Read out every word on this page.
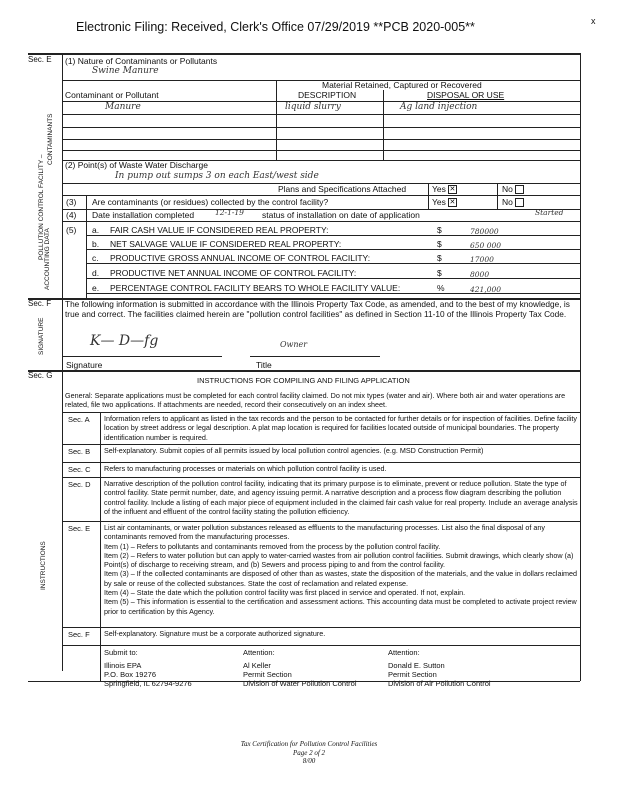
Electronic Filing: Received, Clerk's Office 07/29/2019 **PCB 2020-005**	x
Sec. E
POLLUTION CONTROL FACILITY –
CONTAMINANTS
ACCOUNTING DATA
(1) Nature of Contaminants or Pollutants
Swine Manure
Material Retained, Captured or Recovered
Contaminant or Pollutant	DESCRIPTION	DISPOSAL OR USE
Manure	liquid slurry	Ag land injection
(2) Point(s) of Waste Water Discharge
In pump out sumps 3 on each East/west side
Plans and Specifications Attached	Yes ✕	No
(3) Are contaminants (or residues) collected by the control facility?	Yes ✕	No
(4) Date installation completed	12-1-19 status of installation on date of application	Started
(5) a. FAIR CASH VALUE IF CONSIDERED REAL PROPERTY:	$	780000
b. NET SALVAGE VALUE IF CONSIDERED REAL PROPERTY:	$	650 000
c. PRODUCTIVE GROSS ANNUAL INCOME OF CONTROL FACILITY:	$	17000
d. PRODUCTIVE NET ANNUAL INCOME OF CONTROL FACILITY:	$	8000
e. PERCENTAGE CONTROL FACILITY BEARS TO WHOLE FACILITY VALUE:	%	421,000
Sec. F
SIGNATURE
The following information is submitted in accordance with the Illinois Property Tax Code, as amended, and to the best of my knowledge, is true and correct. The facilities claimed herein are "pollution control facilities" as defined in Section 11-10 of the Illinois Property Tax Code.
K— D—fg	Owner
Signature	Title
Sec. G
INSTRUCTIONS
INSTRUCTIONS FOR COMPILING AND FILING APPLICATION
General: Separate applications must be completed for each control facility claimed. Do not mix types (water and air). Where both air and water operations are related, file two applications. If attachments are needed, record their consecutively on an index sheet.
Sec. A Information refers to applicant as listed in the tax records and the person to be contacted for further details or for inspection of facilities. Define facility location by street address or legal description. A plat map location is required for facilities located outside of municipal boundaries. The property identification number is required.
Sec. B Self-explanatory. Submit copies of all permits issued by local pollution control agencies. (e.g. MSD Construction Permit)
Sec. C Refers to manufacturing processes or materials on which pollution control facility is used.
Sec. D Narrative description of the pollution control facility, indicating that its primary purpose is to eliminate, prevent or reduce pollution. State the type of control facility. State permit number, date, and agency issuing permit. A narrative description and a process flow diagram describing the pollution control facility. Include a listing of each major piece of equipment included in the claimed fair cash value for real property. Include an average analysis of the influent and effluent of the control facility stating the pollution efficiency.
Sec. E List air contaminants, or water pollution substances released as effluents to the manufacturing processes. List also the final disposal of any contaminants removed from the manufacturing processes.
Item (1) – Refers to pollutants and contaminants removed from the process by the pollution control facility.
Item (2) – Refers to water pollution but can apply to water-carried wastes from air pollution control facilities. Submit drawings, which clearly show (a) Point(s) of discharge to receiving stream, and (b) Sewers and process piping to and from the control facility.
Item (3) – If the collected contaminants are disposed of other than as wastes, state the disposition of the materials, and the value in dollars reclaimed by sale or reuse of the collected substances. State the cost of reclamation and related expense.
Item (4) – State the date which the pollution control facility was first placed in service and operated. If not, explain.
Item (5) – This information is essential to the certification and assessment actions. This accounting data must be completed to activate project review prior to certification by this Agency.
Sec. F Self-explanatory. Signature must be a corporate authorized signature.
Submit to:
Illinois EPA
P.O. Box 19276
Springfield, IL 62794-9276
Attention:
Al Keller
Permit Section
Division of Water Pollution Control
Attention:
Donald E. Sutton
Permit Section
Division of Air Pollution Control
Tax Certification for Pollution Control Facilities
Page 2 of 2
8/00
